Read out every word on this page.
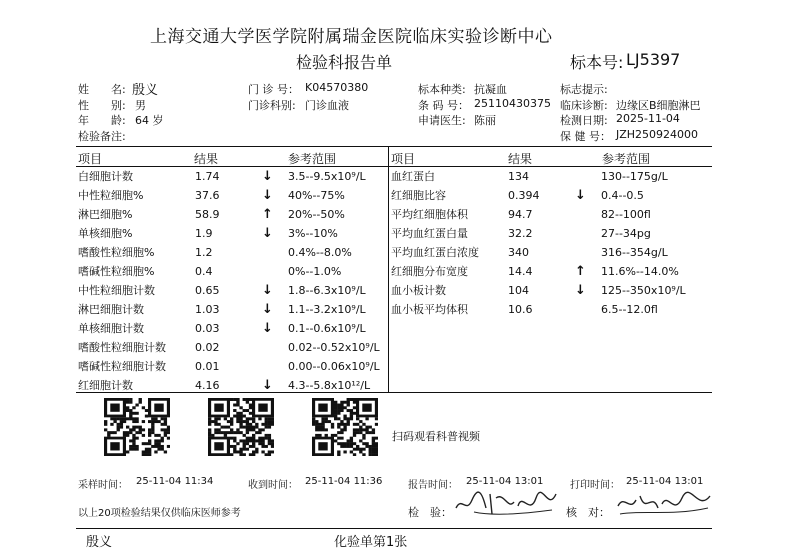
上海交通大学医学院附属瑞金医院临床实验诊断中心
检验科报告单	标本号: LJ5397
姓　　名: 殷义
性　　别: 男
年　　龄: 64 岁
检验备注:
门 诊 号： K04570380
门诊科别: 门诊血液
标本种类: 抗凝血
条 码 号： 25110430375
申请医生: 陈丽
标志提示:
临床诊断: 边缘区B细胞淋巴
检测日期: 2025-11-04
保 健 号： JZH250924000
项目	结果	参考范围	项目	结果	参考范围
白细胞计数	1.74	↓ 3.5--9.5x10⁹/L
中性粒细胞%	37.6	↓ 40%--75%
淋巴细胞%	58.9	↑ 20%--50%
单核细胞%	1.9	↓ 3%--10%
嗜酸性粒细胞%	1.2	0.4%--8.0%
嗜碱性粒细胞%	0.4	0%--1.0%
中性粒细胞计数	0.65	↓ 1.8--6.3x10⁹/L
淋巴细胞计数	1.03	↓ 1.1--3.2x10⁹/L
单核细胞计数	0.03	↓ 0.1--0.6x10⁹/L
嗜酸性粒细胞计数	0.02	0.02--0.52x10⁹/L
嗜碱性粒细胞计数	0.01	0.00--0.06x10⁹/L
红细胞计数	4.16	↓ 4.3--5.8x10¹²/L
血红蛋白	134	130--175g/L
红细胞比容	0.394	↓ 0.4--0.5
平均红细胞体积	94.7	82--100fl
平均血红蛋白量	32.2	27--34pg
平均血红蛋白浓度	340	316--354g/L
红细胞分布宽度	14.4	↑ 11.6%--14.0%
血小板计数	104	↓ 125--350x10⁹/L
血小板平均体积	10.6	6.5--12.0fl
扫码观看科普视频
采样时间： 25-11-04 11:34	收到时间： 25-11-04 11:36	报告时间： 25-11-04 13:01	打印时间： 25-11-04 13:01
以上20项检验结果仅供临床医师参考	检　验：	核　对：
殷义	化验单第1张
